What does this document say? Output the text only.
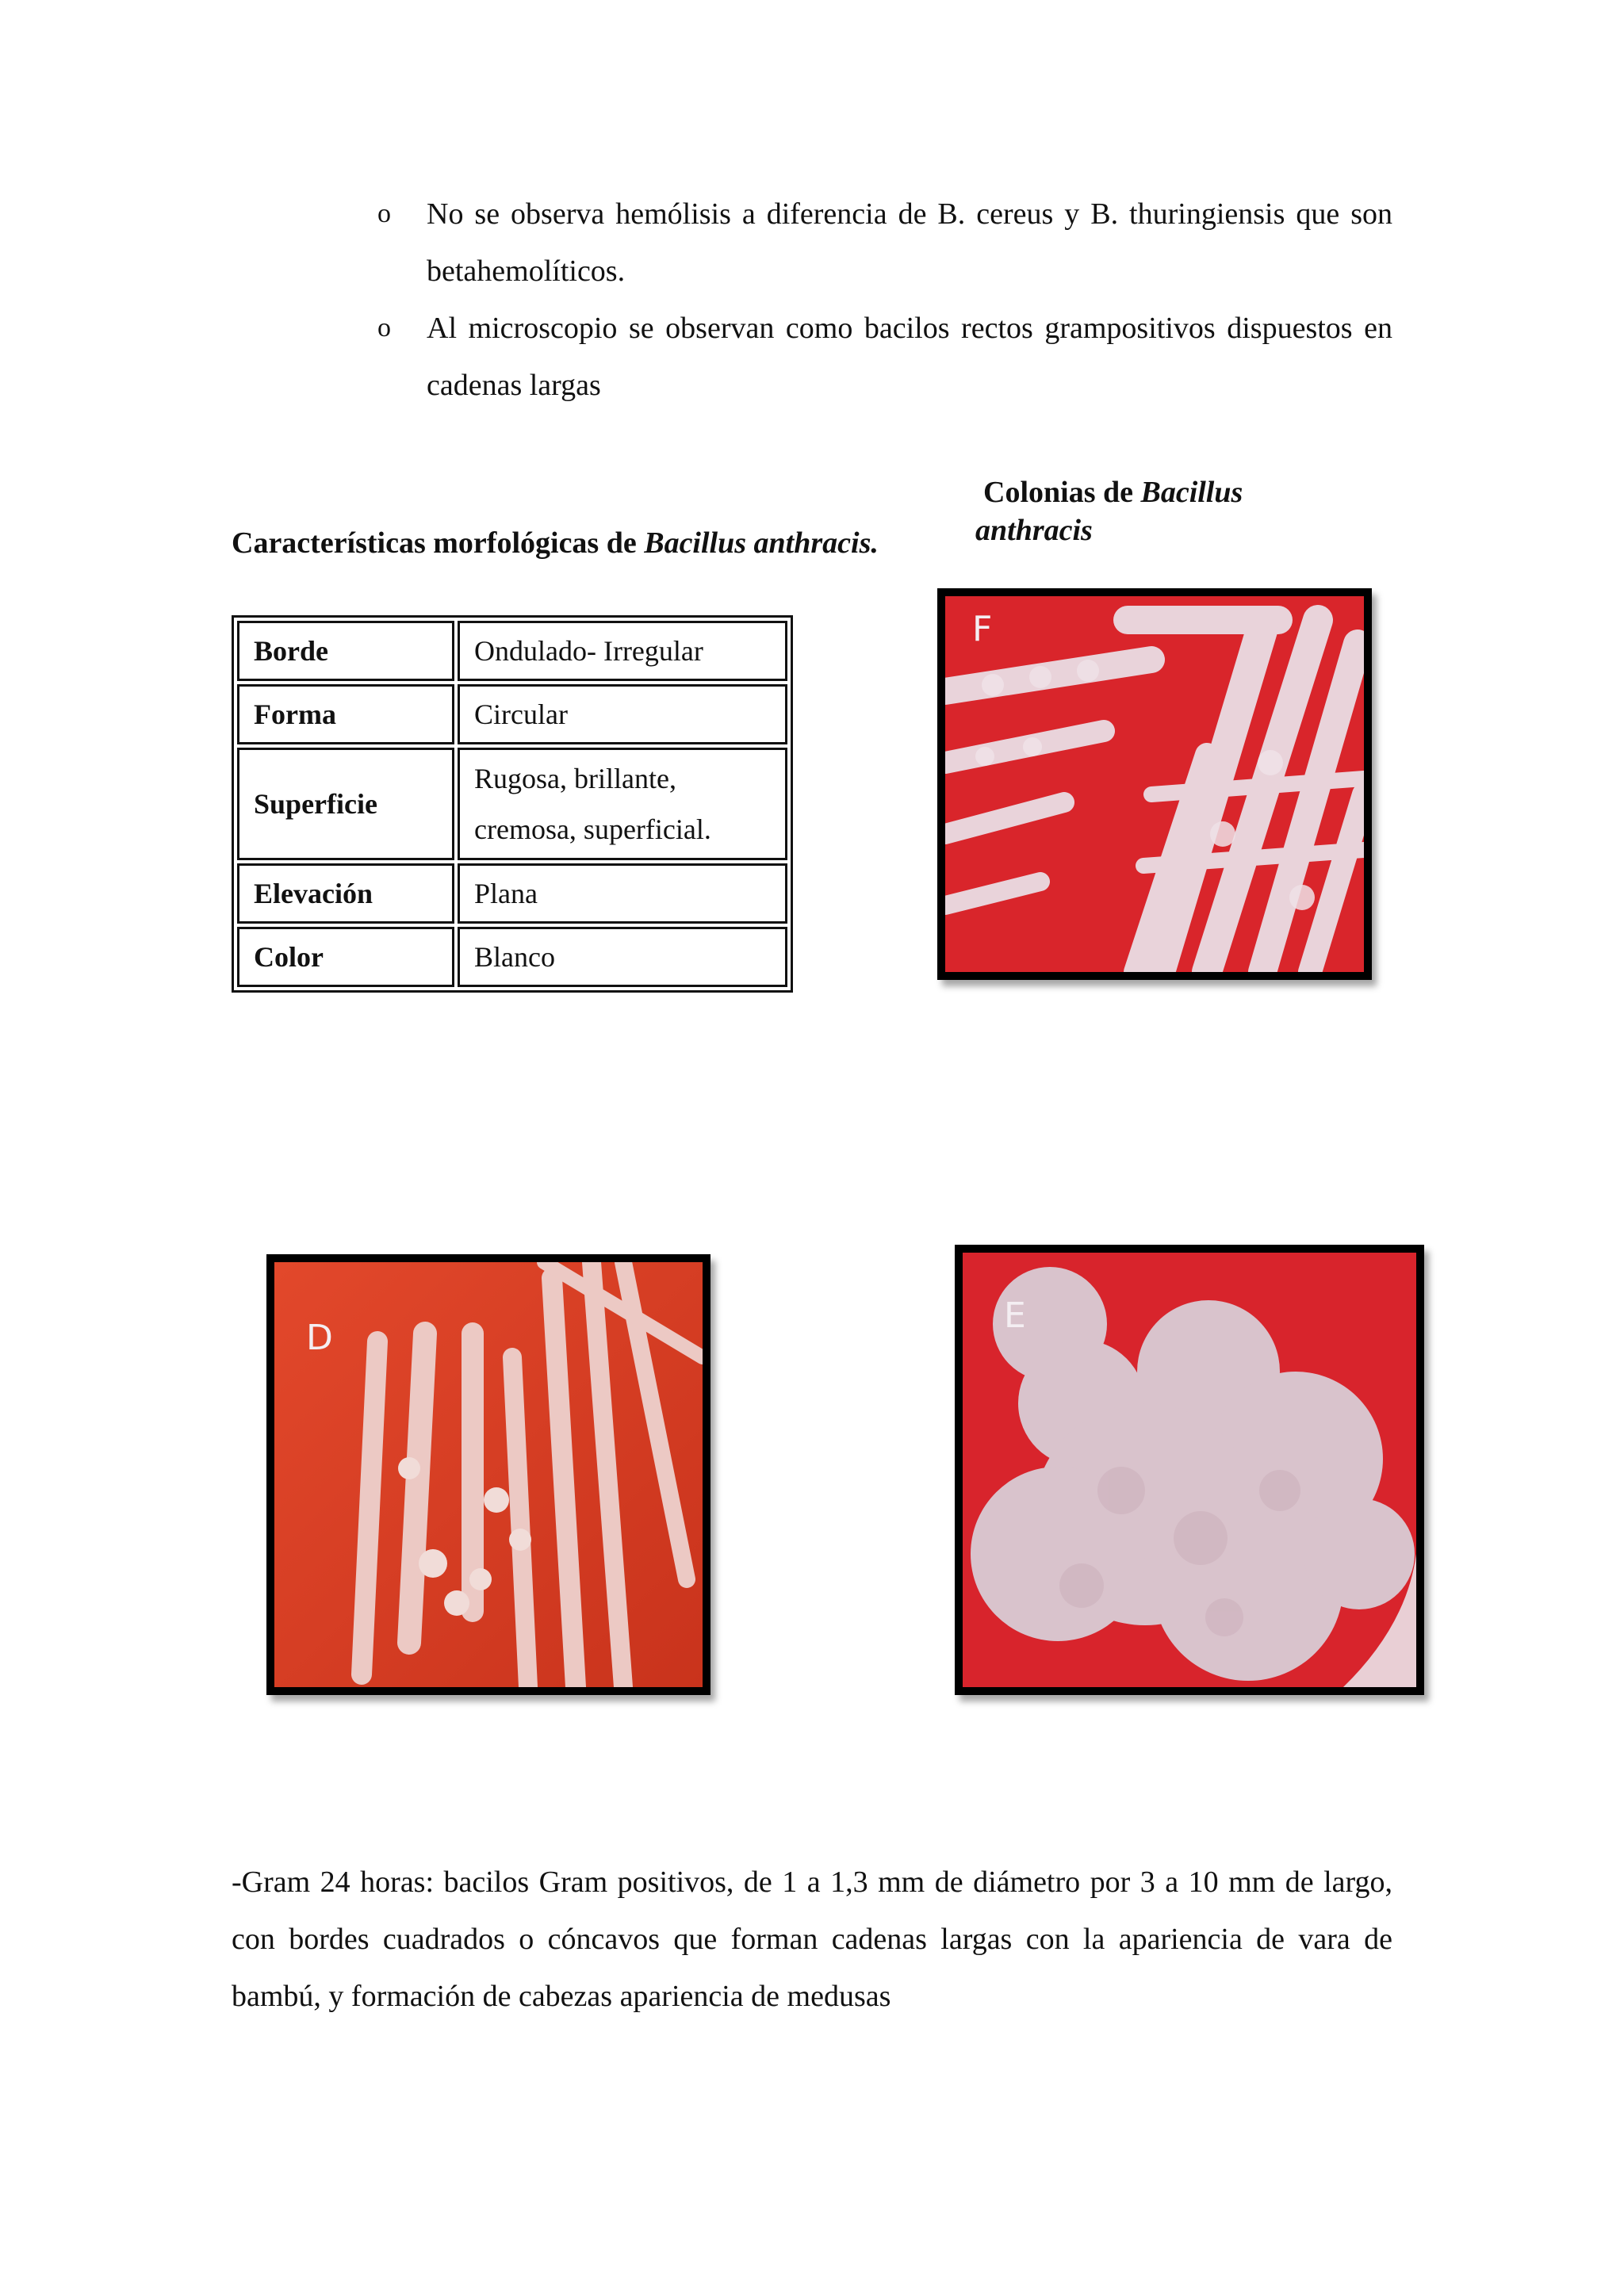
o No se observa hemólisis a diferencia de B. cereus y B. thuringiensis que son betahemolíticos.
o Al microscopio se observan como bacilos rectos grampositivos dispuestos en cadenas largas
Colonias de Bacillus
anthracis
Características morfológicas de Bacillus anthracis.
Borde	Ondulado- Irregular
Forma	Circular
Superficie	Rugosa, brillante,
cremosa, superficial.

Elevación	Plana
Color	Blanco
F
D
E
-Gram 24 horas: bacilos Gram positivos, de 1 a 1,3 mm de diámetro por 3 a 10 mm de largo, con bordes cuadrados o cóncavos que forman cadenas largas con la apariencia de vara de bambú, y formación de cabezas apariencia de medusas
